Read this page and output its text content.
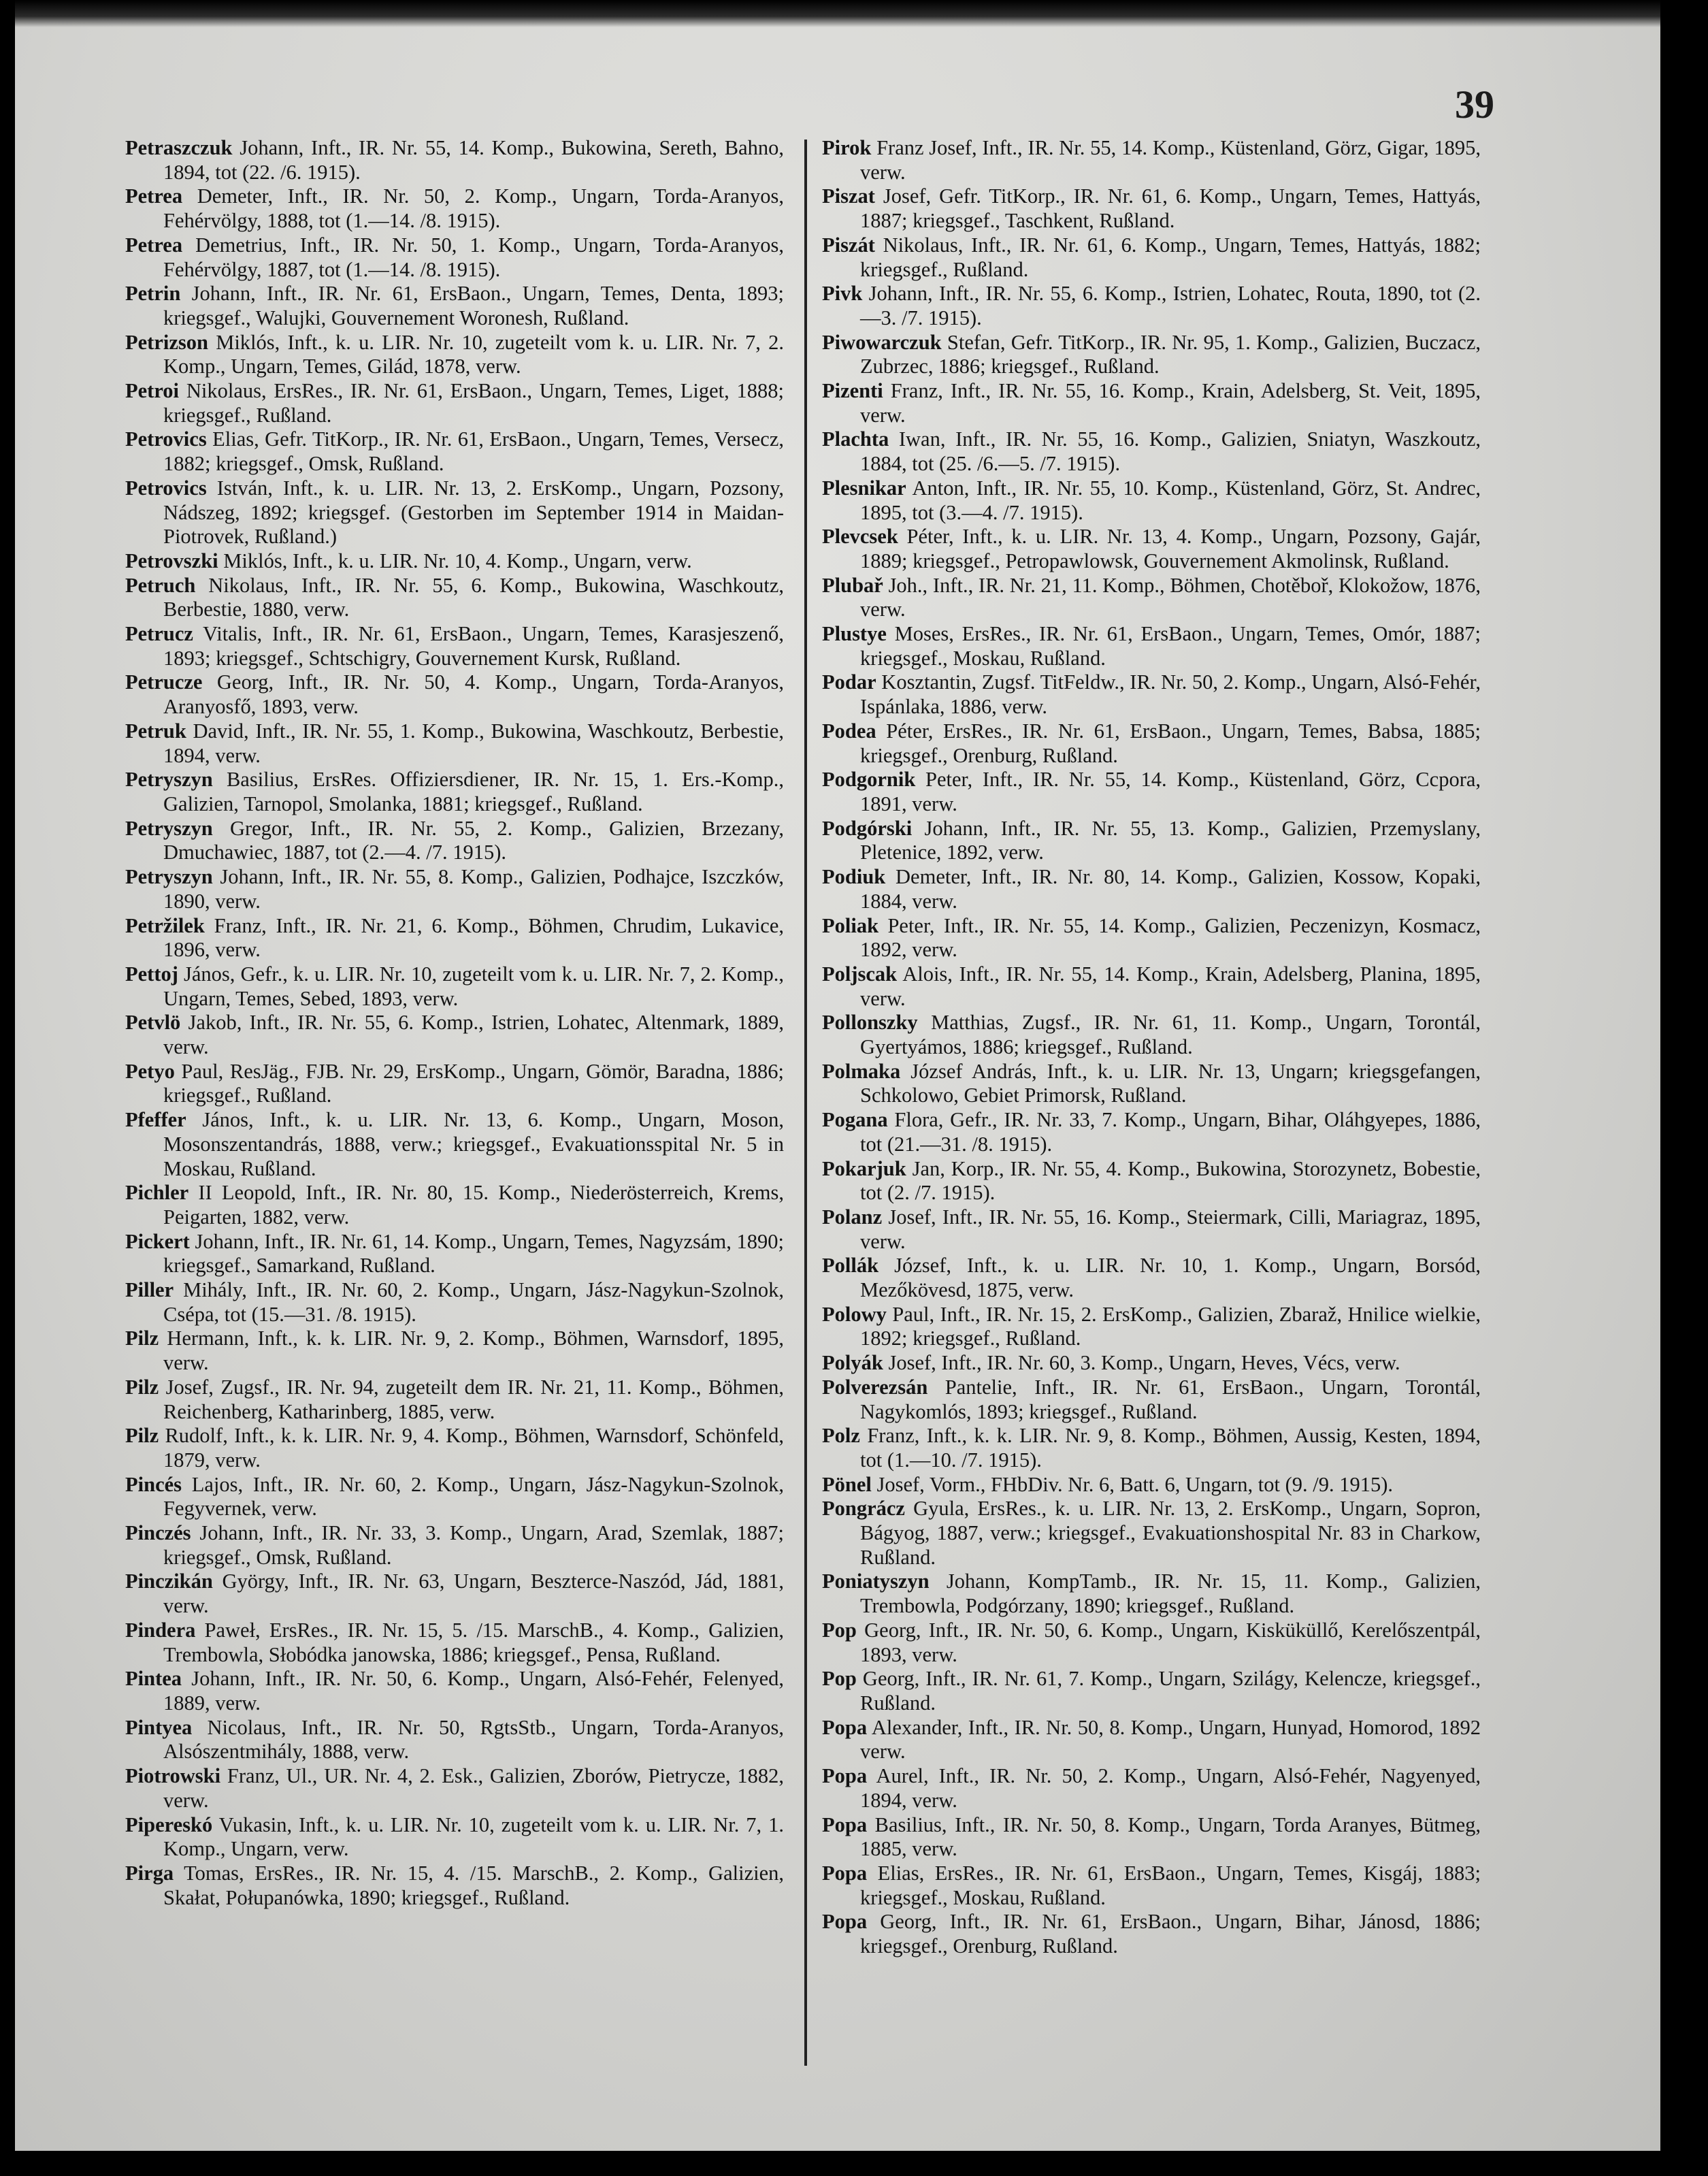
39

Petraszczuk Johann, Inft., IR. Nr. 55, 14. Komp., Bukowina, Sereth, Bahno, 1894, tot (22. /6. 1915).

Petrea Demeter, Inft., IR. Nr. 50, 2. Komp., Ungarn, Torda-Aranyos, Fehérvölgy, 1888, tot (1.—14. /8. 1915).

Petrea Demetrius, Inft., IR. Nr. 50, 1. Komp., Ungarn, Torda-Aranyos, Fehérvölgy, 1887, tot (1.—14. /8. 1915).

Petrin Johann, Inft., IR. Nr. 61, ErsBaon., Ungarn, Temes, Denta, 1893; kriegsgef., Walujki, Gouvernement Woronesh, Rußland.

Petrizson Miklós, Inft., k. u. LIR. Nr. 10, zugeteilt vom k. u. LIR. Nr. 7, 2. Komp., Ungarn, Temes, Gilád, 1878, verw.

Petroi Nikolaus, ErsRes., IR. Nr. 61, ErsBaon., Ungarn, Temes, Liget, 1888; kriegsgef., Rußland.

Petrovics Elias, Gefr. TitKorp., IR. Nr. 61, ErsBaon., Ungarn, Temes, Versecz, 1882; kriegsgef., Omsk, Rußland.

Petrovics István, Inft., k. u. LIR. Nr. 13, 2. ErsKomp., Ungarn, Pozsony, Nádszeg, 1892; kriegsgef. (Gestorben im September 1914 in Maidan-Piotrovek, Rußland.)

Petrovszki Miklós, Inft., k. u. LIR. Nr. 10, 4. Komp., Ungarn, verw.

Petruch Nikolaus, Inft., IR. Nr. 55, 6. Komp., Bukowina, Waschkoutz, Berbestie, 1880, verw.

Petrucz Vitalis, Inft., IR. Nr. 61, ErsBaon., Ungarn, Temes, Karasjeszenő, 1893; kriegsgef., Schtschigry, Gouvernement Kursk, Rußland.

Petrucze Georg, Inft., IR. Nr. 50, 4. Komp., Ungarn, Torda-Aranyos, Aranyosfő, 1893, verw.

Petruk David, Inft., IR. Nr. 55, 1. Komp., Bukowina, Waschkoutz, Berbestie, 1894, verw.

Petryszyn Basilius, ErsRes. Offiziersdiener, IR. Nr. 15, 1. Ers.-Komp., Galizien, Tarnopol, Smolanka, 1881; kriegsgef., Rußland.

Petryszyn Gregor, Inft., IR. Nr. 55, 2. Komp., Galizien, Brzezany, Dmuchawiec, 1887, tot (2.—4. /7. 1915).

Petryszyn Johann, Inft., IR. Nr. 55, 8. Komp., Galizien, Podhajce, Iszczków, 1890, verw.

Petržilek Franz, Inft., IR. Nr. 21, 6. Komp., Böhmen, Chrudim, Lukavice, 1896, verw.

Pettoj János, Gefr., k. u. LIR. Nr. 10, zugeteilt vom k. u. LIR. Nr. 7, 2. Komp., Ungarn, Temes, Sebed, 1893, verw.

Petvlö Jakob, Inft., IR. Nr. 55, 6. Komp., Istrien, Lohatec, Altenmark, 1889, verw.

Petyo Paul, ResJäg., FJB. Nr. 29, ErsKomp., Ungarn, Gömör, Baradna, 1886; kriegsgef., Rußland.

Pfeffer János, Inft., k. u. LIR. Nr. 13, 6. Komp., Ungarn, Moson, Mosonszentandrás, 1888, verw.; kriegsgef., Evakuationsspital Nr. 5 in Moskau, Rußland.

Pichler II Leopold, Inft., IR. Nr. 80, 15. Komp., Niederösterreich, Krems, Peigarten, 1882, verw.

Pickert Johann, Inft., IR. Nr. 61, 14. Komp., Ungarn, Temes, Nagyzsám, 1890; kriegsgef., Samarkand, Rußland.

Piller Mihály, Inft., IR. Nr. 60, 2. Komp., Ungarn, Jász-Nagykun-Szolnok, Csépa, tot (15.—31. /8. 1915).

Pilz Hermann, Inft., k. k. LIR. Nr. 9, 2. Komp., Böhmen, Warnsdorf, 1895, verw.

Pilz Josef, Zugsf., IR. Nr. 94, zugeteilt dem IR. Nr. 21, 11. Komp., Böhmen, Reichenberg, Katharinberg, 1885, verw.

Pilz Rudolf, Inft., k. k. LIR. Nr. 9, 4. Komp., Böhmen, Warnsdorf, Schönfeld, 1879, verw.

Pincés Lajos, Inft., IR. Nr. 60, 2. Komp., Ungarn, Jász-Nagykun-Szolnok, Fegyvernek, verw.

Pinczés Johann, Inft., IR. Nr. 33, 3. Komp., Ungarn, Arad, Szemlak, 1887; kriegsgef., Omsk, Rußland.

Pinczikán György, Inft., IR. Nr. 63, Ungarn, Beszterce-Naszód, Jád, 1881, verw.

Pindera Paweł, ErsRes., IR. Nr. 15, 5. /15. MarschB., 4. Komp., Galizien, Trembowla, Słobódka janowska, 1886; kriegsgef., Pensa, Rußland.

Pintea Johann, Inft., IR. Nr. 50, 6. Komp., Ungarn, Alsó-Fehér, Felenyed, 1889, verw.

Pintyea Nicolaus, Inft., IR. Nr. 50, RgtsStb., Ungarn, Torda-Aranyos, Alsószentmihály, 1888, verw.

Piotrowski Franz, Ul., UR. Nr. 4, 2. Esk., Galizien, Zborów, Pietrycze, 1882, verw.

Pipereskó Vukasin, Inft., k. u. LIR. Nr. 10, zugeteilt vom k. u. LIR. Nr. 7, 1. Komp., Ungarn, verw.

Pirga Tomas, ErsRes., IR. Nr. 15, 4. /15. MarschB., 2. Komp., Galizien, Skałat, Połupanówka, 1890; kriegsgef., Rußland.

Pirok Franz Josef, Inft., IR. Nr. 55, 14. Komp., Küstenland, Görz, Gigar, 1895, verw.

Piszat Josef, Gefr. TitKorp., IR. Nr. 61, 6. Komp., Ungarn, Temes, Hattyás, 1887; kriegsgef., Taschkent, Rußland.

Piszát Nikolaus, Inft., IR. Nr. 61, 6. Komp., Ungarn, Temes, Hattyás, 1882; kriegsgef., Rußland.

Pivk Johann, Inft., IR. Nr. 55, 6. Komp., Istrien, Lohatec, Routa, 1890, tot (2.—3. /7. 1915).

Piwowarczuk Stefan, Gefr. TitKorp., IR. Nr. 95, 1. Komp., Galizien, Buczacz, Zubrzec, 1886; kriegsgef., Rußland.

Pizenti Franz, Inft., IR. Nr. 55, 16. Komp., Krain, Adelsberg, St. Veit, 1895, verw.

Plachta Iwan, Inft., IR. Nr. 55, 16. Komp., Galizien, Sniatyn, Waszkoutz, 1884, tot (25. /6.—5. /7. 1915).

Plesnikar Anton, Inft., IR. Nr. 55, 10. Komp., Küstenland, Görz, St. Andrec, 1895, tot (3.—4. /7. 1915).

Plevcsek Péter, Inft., k. u. LIR. Nr. 13, 4. Komp., Ungarn, Pozsony, Gajár, 1889; kriegsgef., Petropawlowsk, Gouvernement Akmolinsk, Rußland.

Plubař Joh., Inft., IR. Nr. 21, 11. Komp., Böhmen, Chotěboř, Klokožow, 1876, verw.

Plustye Moses, ErsRes., IR. Nr. 61, ErsBaon., Ungarn, Temes, Omór, 1887; kriegsgef., Moskau, Rußland.

Podar Kosztantin, Zugsf. TitFeldw., IR. Nr. 50, 2. Komp., Ungarn, Alsó-Fehér, Ispánlaka, 1886, verw.

Podea Péter, ErsRes., IR. Nr. 61, ErsBaon., Ungarn, Temes, Babsa, 1885; kriegsgef., Orenburg, Rußland.

Podgornik Peter, Inft., IR. Nr. 55, 14. Komp., Küstenland, Görz, Ccpora, 1891, verw.

Podgórski Johann, Inft., IR. Nr. 55, 13. Komp., Galizien, Przemyslany, Pletenice, 1892, verw.

Podiuk Demeter, Inft., IR. Nr. 80, 14. Komp., Galizien, Kossow, Kopaki, 1884, verw.

Poliak Peter, Inft., IR. Nr. 55, 14. Komp., Galizien, Peczenizyn, Kosmacz, 1892, verw.

Poljscak Alois, Inft., IR. Nr. 55, 14. Komp., Krain, Adelsberg, Planina, 1895, verw.

Pollonszky Matthias, Zugsf., IR. Nr. 61, 11. Komp., Ungarn, Torontál, Gyertyámos, 1886; kriegsgef., Rußland.

Polmaka József András, Inft., k. u. LIR. Nr. 13, Ungarn; kriegsgefangen, Schkolowo, Gebiet Primorsk, Rußland.

Pogana Flora, Gefr., IR. Nr. 33, 7. Komp., Ungarn, Bihar, Oláhgyepes, 1886, tot (21.—31. /8. 1915).

Pokarjuk Jan, Korp., IR. Nr. 55, 4. Komp., Bukowina, Storozynetz, Bobestie, tot (2. /7. 1915).

Polanz Josef, Inft., IR. Nr. 55, 16. Komp., Steiermark, Cilli, Mariagraz, 1895, verw.

Pollák József, Inft., k. u. LIR. Nr. 10, 1. Komp., Ungarn, Borsód, Mezőkövesd, 1875, verw.

Polowy Paul, Inft., IR. Nr. 15, 2. ErsKomp., Galizien, Zbaraž, Hnilice wielkie, 1892; kriegsgef., Rußland.

Polyák Josef, Inft., IR. Nr. 60, 3. Komp., Ungarn, Heves, Vécs, verw.

Polverezsán Pantelie, Inft., IR. Nr. 61, ErsBaon., Ungarn, Torontál, Nagykomlós, 1893; kriegsgef., Rußland.

Polz Franz, Inft., k. k. LIR. Nr. 9, 8. Komp., Böhmen, Aussig, Kesten, 1894, tot (1.—10. /7. 1915).

Pönel Josef, Vorm., FHbDiv. Nr. 6, Batt. 6, Ungarn, tot (9. /9. 1915).

Pongrácz Gyula, ErsRes., k. u. LIR. Nr. 13, 2. ErsKomp., Ungarn, Sopron, Bágyog, 1887, verw.; kriegsgef., Evakuationshospital Nr. 83 in Charkow, Rußland.

Poniatyszyn Johann, KompTamb., IR. Nr. 15, 11. Komp., Galizien, Trembowla, Podgórzany, 1890; kriegsgef., Rußland.

Pop Georg, Inft., IR. Nr. 50, 6. Komp., Ungarn, Kisküküllő, Kerelőszentpál, 1893, verw.

Pop Georg, Inft., IR. Nr. 61, 7. Komp., Ungarn, Szilágy, Kelencze, kriegsgef., Rußland.

Popa Alexander, Inft., IR. Nr. 50, 8. Komp., Ungarn, Hunyad, Homorod, 1892 verw.

Popa Aurel, Inft., IR. Nr. 50, 2. Komp., Ungarn, Alsó-Fehér, Nagyenyed, 1894, verw.

Popa Basilius, Inft., IR. Nr. 50, 8. Komp., Ungarn, Torda Aranyes, Bütmeg, 1885, verw.

Popa Elias, ErsRes., IR. Nr. 61, ErsBaon., Ungarn, Temes, Kisgáj, 1883; kriegsgef., Moskau, Rußland.

Popa Georg, Inft., IR. Nr. 61, ErsBaon., Ungarn, Bihar, Jánosd, 1886; kriegsgef., Orenburg, Rußland.
